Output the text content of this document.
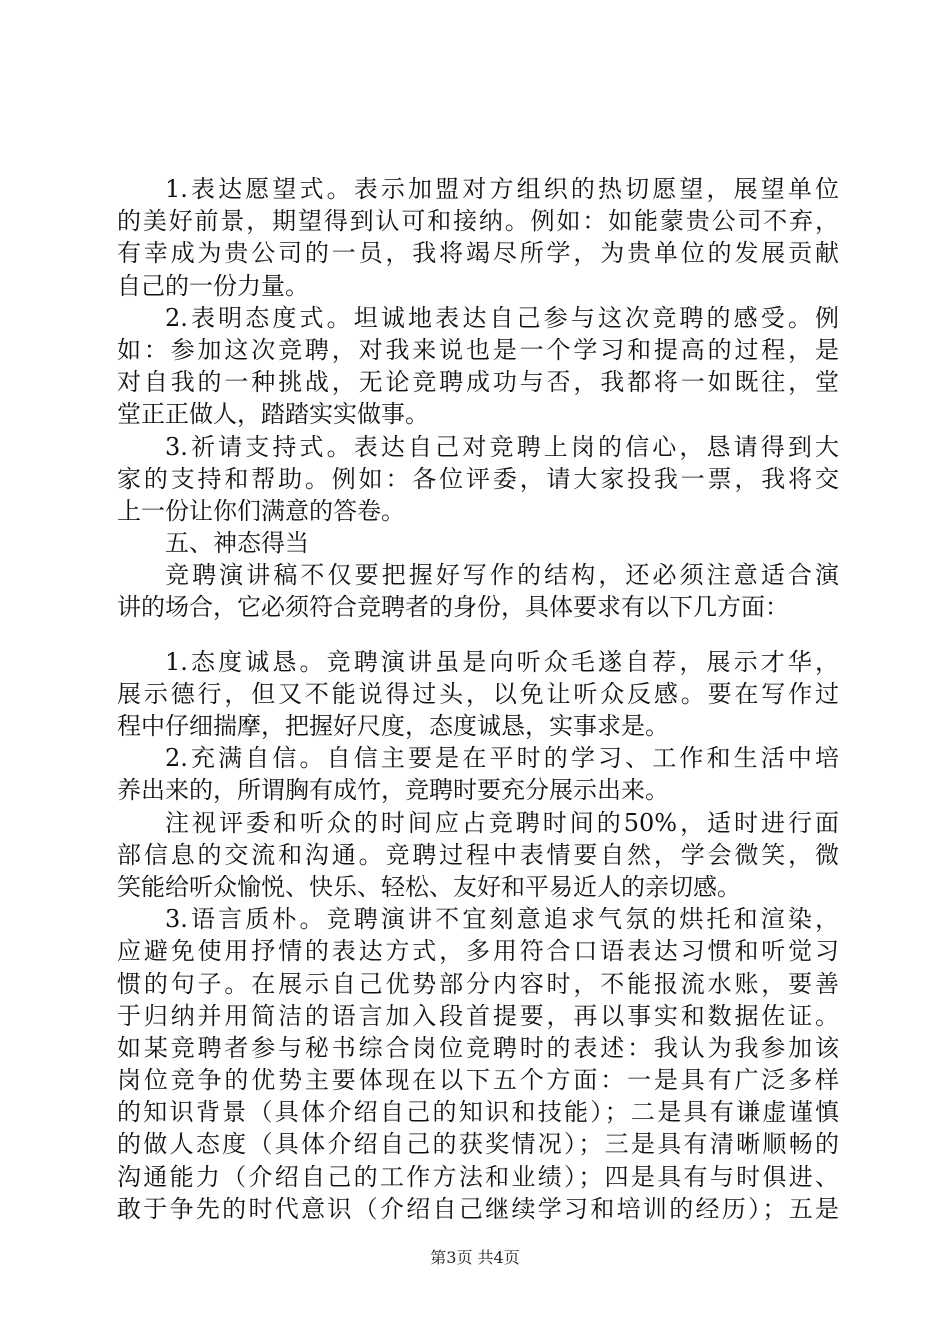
1.表达愿望式。表示加盟对方组织的热切愿望，展望单位
的美好前景，期望得到认可和接纳。例如：如能蒙贵公司不弃，
有幸成为贵公司的一员，我将竭尽所学，为贵单位的发展贡献
自己的一份力量。
2.表明态度式。坦诚地表达自己参与这次竞聘的感受。例
如：参加这次竞聘，对我来说也是一个学习和提高的过程，是
对自我的一种挑战，无论竞聘成功与否，我都将一如既往，堂
堂正正做人，踏踏实实做事。
3.祈请支持式。表达自己对竞聘上岗的信心，恳请得到大
家的支持和帮助。例如：各位评委，请大家投我一票，我将交
上一份让你们满意的答卷。
五、神态得当
竞聘演讲稿不仅要把握好写作的结构，还必须注意适合演
讲的场合，它必须符合竞聘者的身份，具体要求有以下几方面：
1.态度诚恳。竞聘演讲虽是向听众毛遂自荐，展示才华，
展示德行，但又不能说得过头，以免让听众反感。要在写作过
程中仔细揣摩，把握好尺度，态度诚恳，实事求是。
2.充满自信。自信主要是在平时的学习、工作和生活中培
养出来的，所谓胸有成竹，竞聘时要充分展示出来。
注视评委和听众的时间应占竞聘时间的50%，适时进行面
部信息的交流和沟通。竞聘过程中表情要自然，学会微笑，微
笑能给听众愉悦、快乐、轻松、友好和平易近人的亲切感。
3.语言质朴。竞聘演讲不宜刻意追求气氛的烘托和渲染，
应避免使用抒情的表达方式，多用符合口语表达习惯和听觉习
惯的句子。在展示自己优势部分内容时，不能报流水账，要善
于归纳并用简洁的语言加入段首提要，再以事实和数据佐证。
如某竞聘者参与秘书综合岗位竞聘时的表述：我认为我参加该
岗位竞争的优势主要体现在以下五个方面：一是具有广泛多样
的知识背景（具体介绍自己的知识和技能）；二是具有谦虚谨慎
的做人态度（具体介绍自己的获奖情况）；三是具有清晰顺畅的
沟通能力（介绍自己的工作方法和业绩）；四是具有与时俱进、
敢于争先的时代意识（介绍自己继续学习和培训的经历）；五是
第3页 共4页
